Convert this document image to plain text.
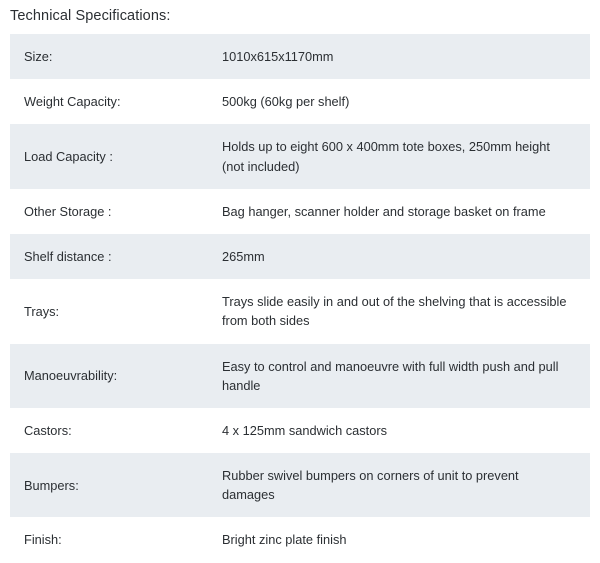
Technical Specifications:
Size:	1010x615x1170mm
Weight Capacity:	500kg (60kg per shelf)
Load Capacity :	Holds up to eight 600 x 400mm tote boxes, 250mm height (not included)
Other Storage :	Bag hanger, scanner holder and storage basket on frame
Shelf distance :	265mm
Trays:	Trays slide easily in and out of the shelving that is accessible from both sides
Manoeuvrability:	Easy to control and manoeuvre with full width push and pull handle
Castors:	4 x 125mm sandwich castors
Bumpers:	Rubber swivel bumpers on corners of unit to prevent damages
Finish:	Bright zinc plate finish
